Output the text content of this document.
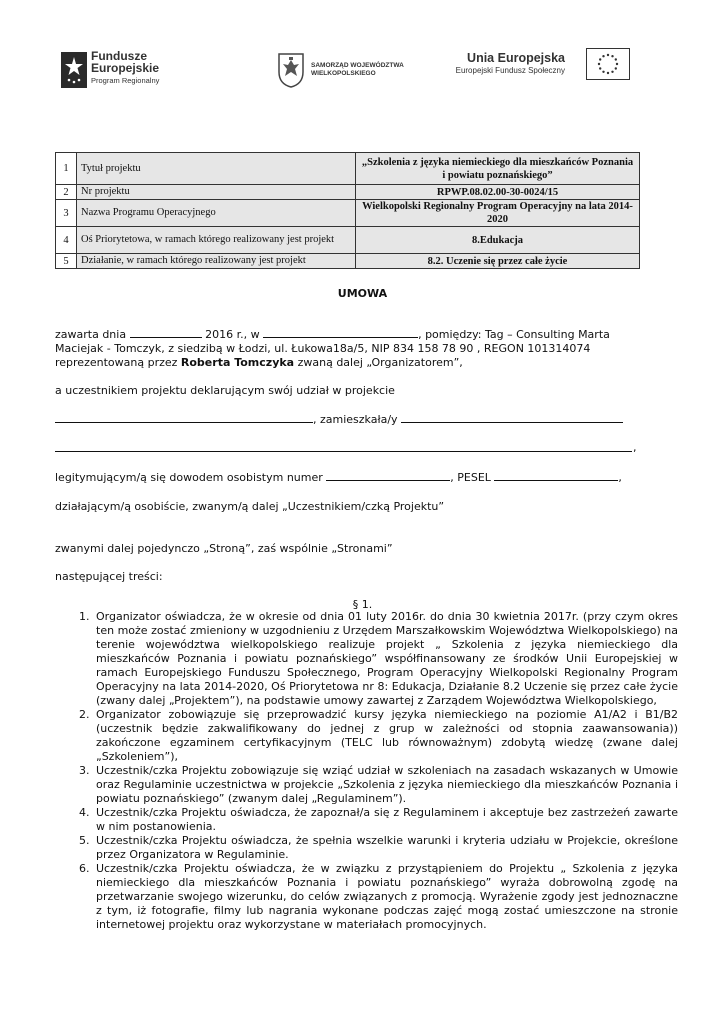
Fundusze
Europejskie
Program Regionalny
SAMORZĄD WOJEWÓDZTWA
WIELKOPOLSKIEGO
Unia Europejska
Europejski Fundusz Społeczny
1	Tytuł projektu	„Szkolenia z języka niemieckiego dla mieszkańców Poznania i powiatu poznańskiego”
2	Nr projektu	RPWP.08.02.00-30-0024/15
3	Nazwa Programu Operacyjnego	Wielkopolski Regionalny Program Operacyjny na lata 2014-2020
4	Oś Priorytetowa, w ramach którego realizowany jest projekt	8.Edukacja
5	Działanie, w ramach którego realizowany jest projekt	8.2. Uczenie się przez całe życie
UMOWA
zawarta dnia	2016 r., w	, pomiędzy: Tag – Consulting Marta
Maciejak - Tomczyk, z siedzibą w Łodzi, ul. Łukowa18a/5, NIP 834 158 78 90 , REGON 101314074
reprezentowaną przez Roberta Tomczyka zwaną dalej „Organizatorem”,
a uczestnikiem projektu deklarującym swój udział w projekcie
, zamieszkała/y
,
legitymującym/ą się dowodem osobistym numer	, PESEL	,
działającym/ą osobiście, zwanym/ą dalej „Uczestnikiem/czką Projektu”
zwanymi dalej pojedynczo „Stroną”, zaś wspólnie „Stronami”
następującej treści:
§ 1.
1. Organizator oświadcza, że w okresie od dnia 01 luty 2016r. do dnia 30 kwietnia 2017r. (przy czym okres ten może zostać zmieniony w uzgodnieniu z Urzędem Marszałkowskim Województwa Wielkopolskiego) na terenie województwa wielkopolskiego realizuje projekt „ Szkolenia z języka niemieckiego dla mieszkańców Poznania i powiatu poznańskiego” współfinansowany ze środków Unii Europejskiej w ramach Europejskiego Funduszu Społecznego, Program Operacyjny Wielkopolski Regionalny Program Operacyjny na lata 2014-2020, Oś Priorytetowa nr 8: Edukacja, Działanie 8.2 Uczenie się przez całe życie (zwany dalej „Projektem”), na podstawie umowy zawartej z Zarządem Województwa Wielkopolskiego,
2. Organizator zobowiązuje się przeprowadzić kursy języka niemieckiego na poziomie A1/A2 i B1/B2 (uczestnik będzie zakwalifikowany do jednej z grup w zależności od stopnia zaawansowania)) zakończone egzaminem certyfikacyjnym (TELC lub równoważnym) zdobytą wiedzę (zwane dalej „Szkoleniem”),
3. Uczestnik/czka Projektu zobowiązuje się wziąć udział w szkoleniach na zasadach wskazanych w Umowie oraz Regulaminie uczestnictwa w projekcie „Szkolenia z języka niemieckiego dla mieszkańców Poznania i powiatu poznańskiego” (zwanym dalej „Regulaminem”).
4. Uczestnik/czka Projektu oświadcza, że zapoznał/a się z Regulaminem i akceptuje bez zastrzeżeń zawarte w nim postanowienia.
5. Uczestnik/czka Projektu oświadcza, że spełnia wszelkie warunki i kryteria udziału w Projekcie, określone przez Organizatora w Regulaminie.
6. Uczestnik/czka Projektu oświadcza, że w związku z przystąpieniem do Projektu „ Szkolenia z języka niemieckiego dla mieszkańców Poznania i powiatu poznańskiego” wyraża dobrowolną zgodę na przetwarzanie swojego wizerunku, do celów związanych z promocją. Wyrażenie zgody jest jednoznaczne z tym, iż fotografie, filmy lub nagrania wykonane podczas zajęć mogą zostać umieszczone na stronie internetowej projektu oraz wykorzystane w materiałach promocyjnych.
